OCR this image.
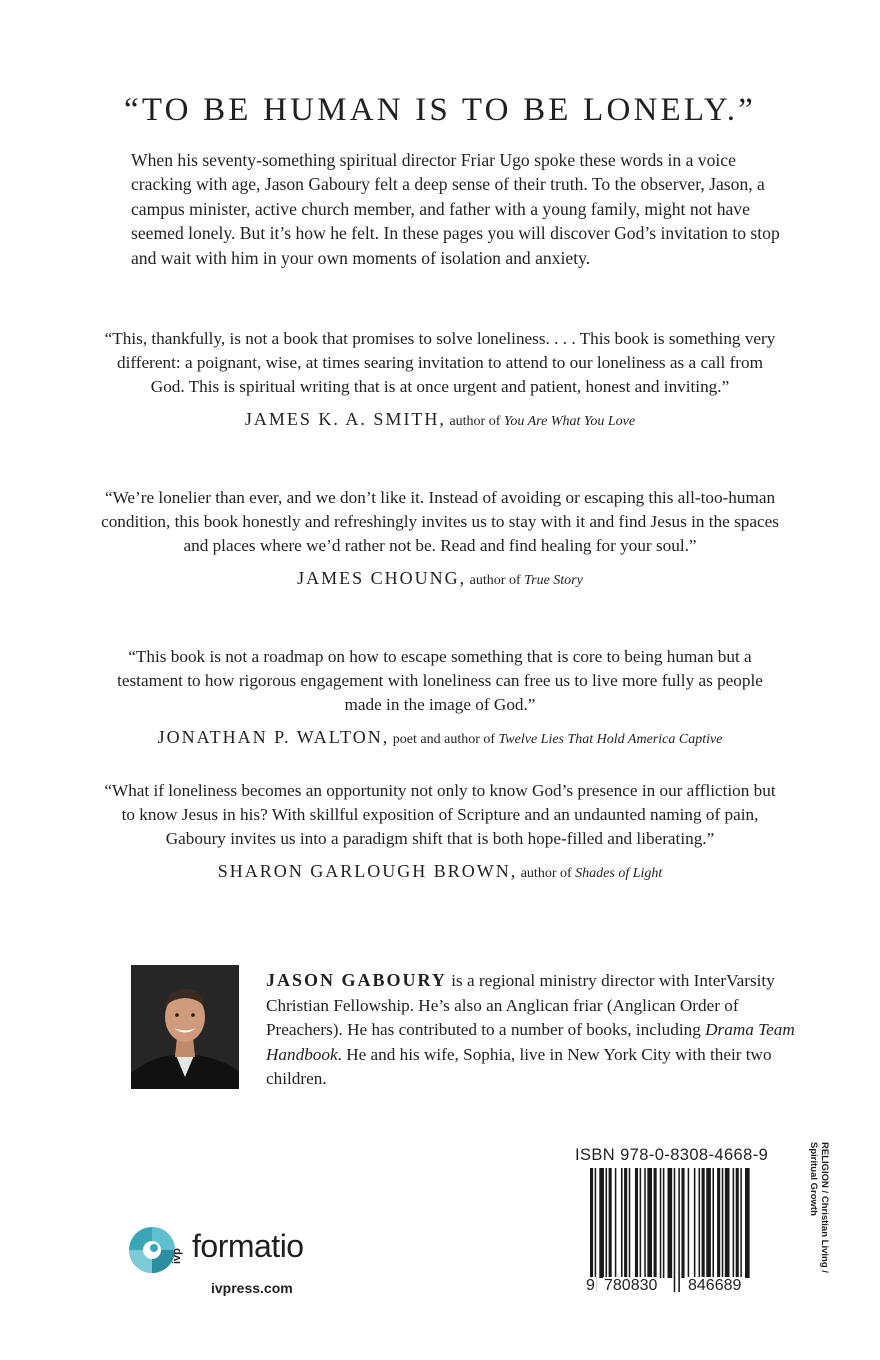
“TO BE HUMAN IS TO BE LONELY.”

When his seventy-something spiritual director Friar Ugo spoke these words in a voice cracking with age, Jason Gaboury felt a deep sense of their truth. To the observer, Jason, a campus minister, active church member, and father with a young family, might not have seemed lonely. But it’s how he felt. In these pages you will discover God’s invitation to stop and wait with him in your own moments of isolation and anxiety.

“This, thankfully, is not a book that promises to solve loneliness. . . . This book is something very different: a poignant, wise, at times searing invitation to attend to our loneliness as a call from God. This is spiritual writing that is at once urgent and patient, honest and inviting.”

JAMES K. A. SMITH, author of You Are What You Love

“We’re lonelier than ever, and we don’t like it. Instead of avoiding or escaping this all-too-human condition, this book honestly and refreshingly invites us to stay with it and find Jesus in the spaces and places where we’d rather not be. Read and find healing for your soul.”

JAMES CHOUNG, author of True Story

“This book is not a roadmap on how to escape something that is core to being human but a testament to how rigorous engagement with loneliness can free us to live more fully as people made in the image of God.”

JONATHAN P. WALTON, poet and author of Twelve Lies That Hold America Captive

“What if loneliness becomes an opportunity not only to know God’s presence in our affliction but to know Jesus in his? With skillful exposition of Scripture and an undaunted naming of pain, Gaboury invites us into a paradigm shift that is both hope-filled and liberating.”

SHARON GARLOUGH BROWN, author of Shades of Light

JASON GABOURY is a regional ministry director with InterVarsity Christian Fellowship. He’s also an Anglican friar (Anglican Order of Preachers). He has contributed to a number of books, including Drama Team Handbook. He and his wife, Sophia, live in New York City with their two children.

ivp formatio
ivpress.com
ISBN 978-0-8308-4668-9
9 780830 846689
RELIGION / Christian Living /
Spiritual Growth
